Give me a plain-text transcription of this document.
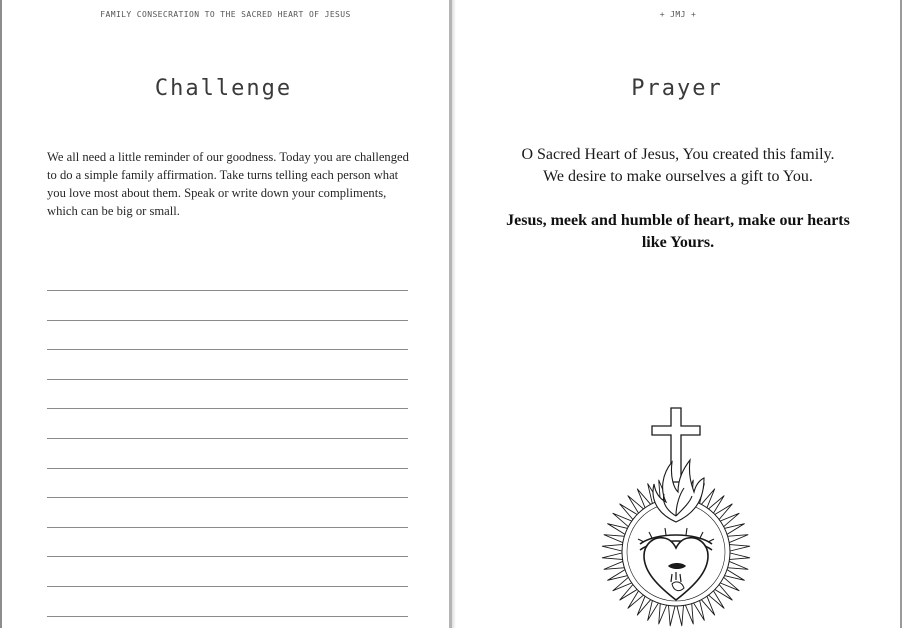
FAMILY CONSECRATION TO THE SACRED HEART OF JESUS
Challenge
We all need a little reminder of our goodness. Today you are challenged to do a simple family affirmation. Take turns telling each person what you love most about them. Speak or write down your compliments, which can be big or small.
+ JMJ +
Prayer
O Sacred Heart of Jesus, You created this family.
We desire to make ourselves a gift to You.
Jesus, meek and humble of heart, make our hearts like Yours.
